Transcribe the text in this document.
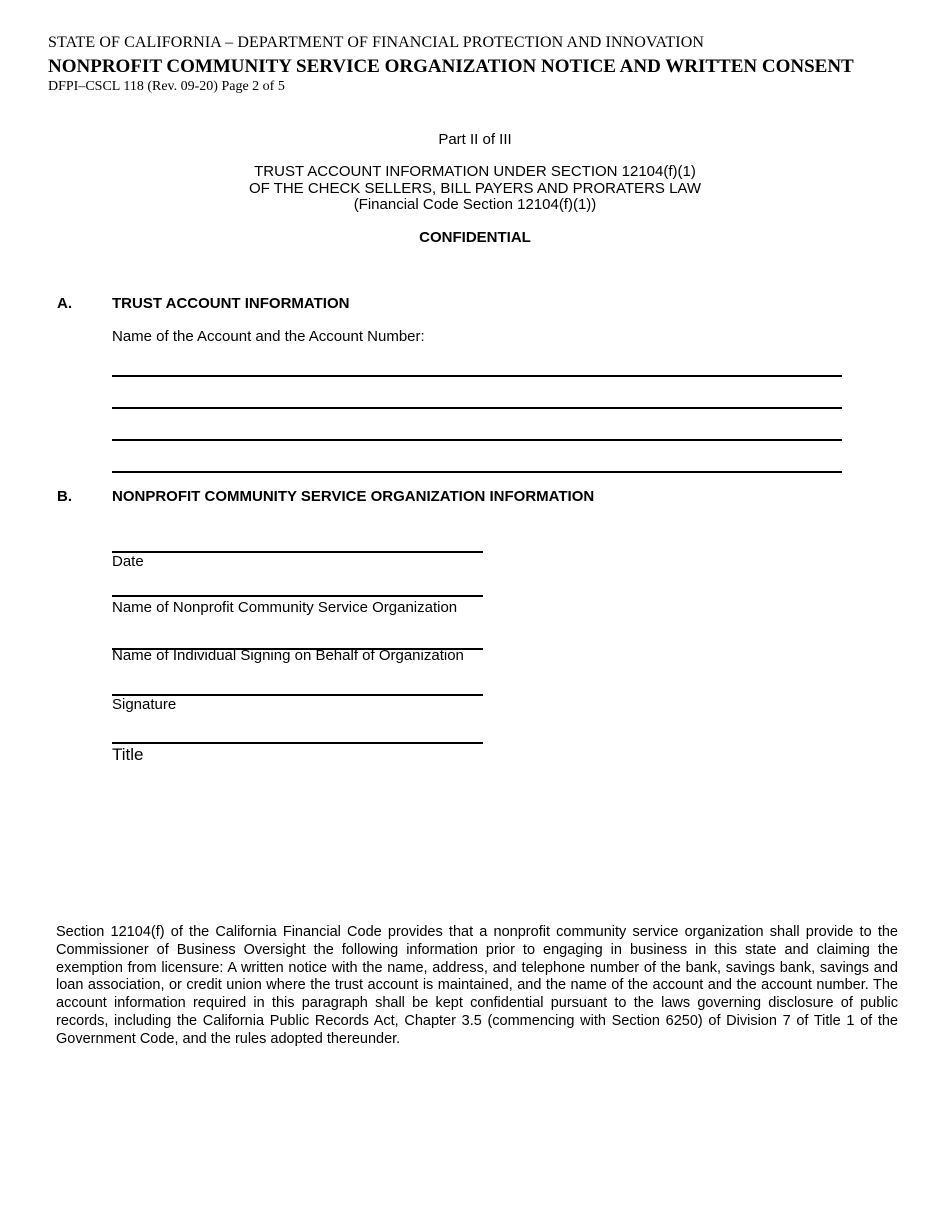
STATE OF CALIFORNIA – DEPARTMENT OF FINANCIAL PROTECTION AND INNOVATION
NONPROFIT COMMUNITY SERVICE ORGANIZATION NOTICE AND WRITTEN CONSENT
DFPI–CSCL 118 (Rev. 09-20) Page 2 of 5
Part II of III
TRUST ACCOUNT INFORMATION UNDER SECTION 12104(f)(1)
OF THE CHECK SELLERS, BILL PAYERS AND PRORATERS LAW
(Financial Code Section 12104(f)(1))
CONFIDENTIAL
A.	TRUST ACCOUNT INFORMATION
Name of the Account and the Account Number:
B.	NONPROFIT COMMUNITY SERVICE ORGANIZATION INFORMATION
Date
Name of Nonprofit Community Service Organization
Name of Individual Signing on Behalf of Organization
Signature
Title
Section 12104(f) of the California Financial Code provides that a nonprofit community service organization shall provide to the Commissioner of Business Oversight the following information prior to engaging in business in this state and claiming the exemption from licensure: A written notice with the name, address, and telephone number of the bank, savings bank, savings and loan association, or credit union where the trust account is maintained, and the name of the account and the account number. The account information required in this paragraph shall be kept confidential pursuant to the laws governing disclosure of public records, including the California Public Records Act, Chapter 3.5 (commencing with Section 6250) of Division 7 of Title 1 of the Government Code, and the rules adopted thereunder.
